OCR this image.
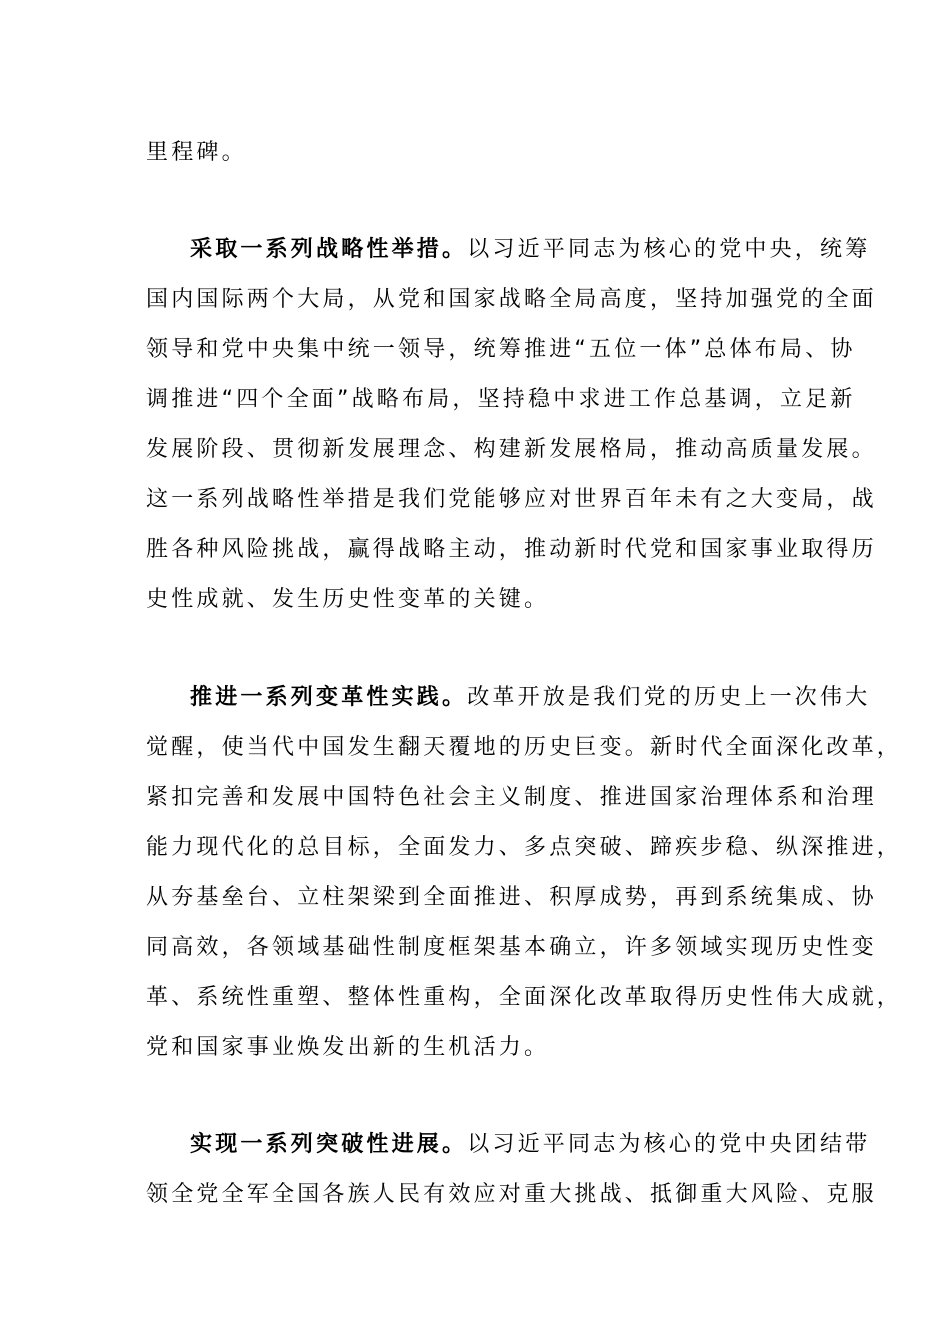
里程碑。
采取一系列战略性举措。以习近平同志为核心的党中央，统筹
国内国际两个大局，从党和国家战略全局高度，坚持加强党的全面
领导和党中央集中统一领导，统筹推进“五位一体”总体布局、协
调推进“四个全面”战略布局，坚持稳中求进工作总基调，立足新
发展阶段、贯彻新发展理念、构建新发展格局，推动高质量发展。
这一系列战略性举措是我们党能够应对世界百年未有之大变局，战
胜各种风险挑战，赢得战略主动，推动新时代党和国家事业取得历
史性成就、发生历史性变革的关键。
推进一系列变革性实践。改革开放是我们党的历史上一次伟大
觉醒，使当代中国发生翻天覆地的历史巨变。新时代全面深化改革，
紧扣完善和发展中国特色社会主义制度、推进国家治理体系和治理
能力现代化的总目标，全面发力、多点突破、蹄疾步稳、纵深推进，
从夯基垒台、立柱架梁到全面推进、积厚成势，再到系统集成、协
同高效，各领域基础性制度框架基本确立，许多领域实现历史性变
革、系统性重塑、整体性重构，全面深化改革取得历史性伟大成就，
党和国家事业焕发出新的生机活力。
实现一系列突破性进展。以习近平同志为核心的党中央团结带
领全党全军全国各族人民有效应对重大挑战、抵御重大风险、克服
